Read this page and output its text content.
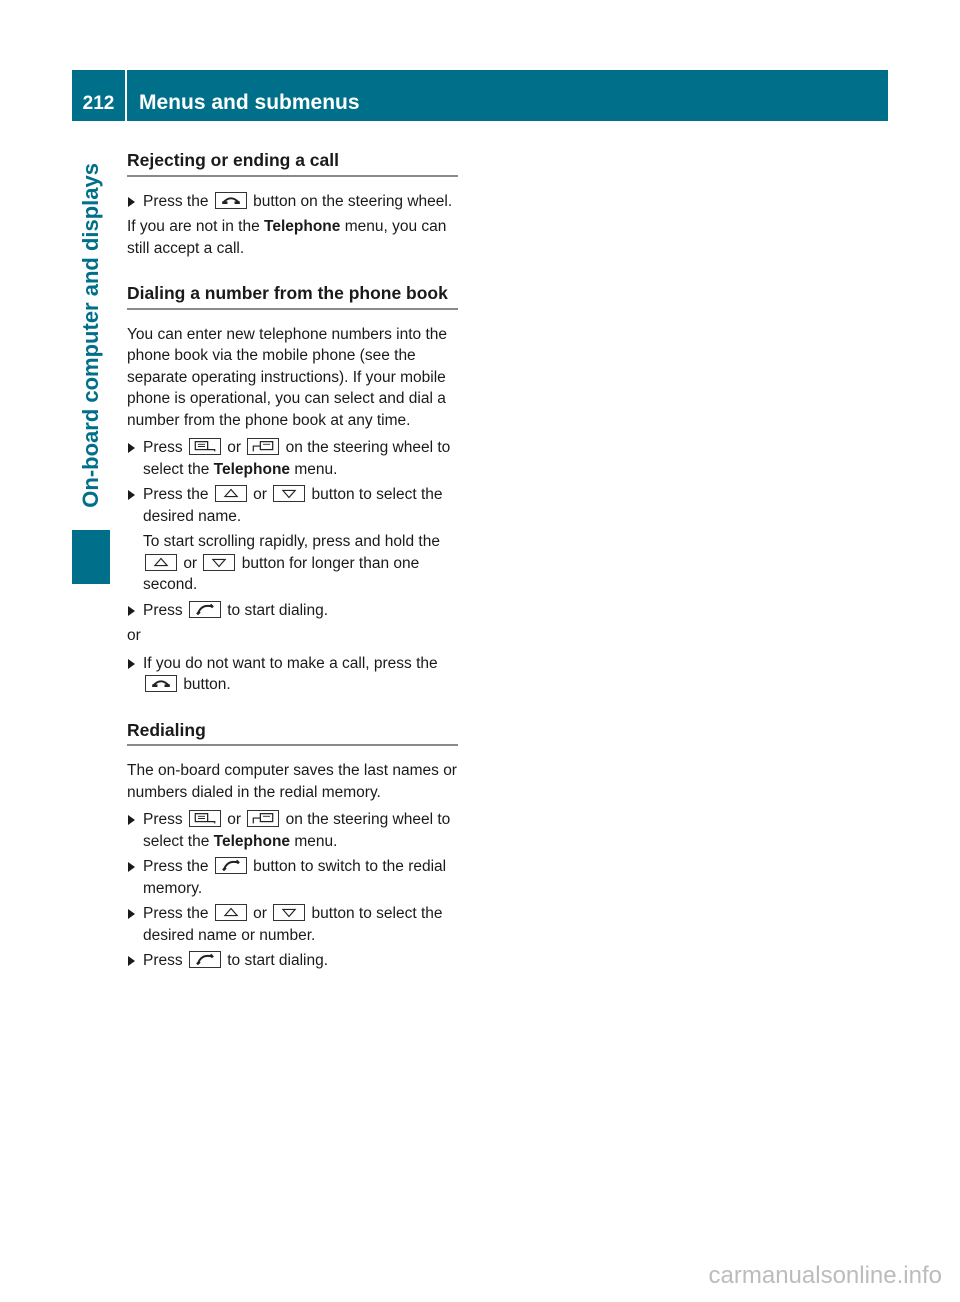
212	Menus and submenus
On-board computer and displays
Rejecting or ending a call
Press the	button on the steering wheel.

If you are not in the Telephone menu, you can still accept a call.

Dialing a number from the phone book

You can enter new telephone numbers into the phone book via the mobile phone (see the separate operating instructions). If your mobile phone is operational, you can select and dial a number from the phone book at any time.

Press	or	on the steering wheel to select the Telephone menu.
Press the	or	button to select the desired name.
To start scrolling rapidly, press and hold the
or	button for longer than one second.
Press	to start dialing.

or

If you do not want to make a call, press the
button.
Redialing

The on-board computer saves the last names or numbers dialed in the redial memory.

Press	or	on the steering wheel to select the Telephone menu.
Press the	button to switch to the redial memory.
Press the	or	button to select the desired name or number.
Press	to start dialing.
carmanualsonline.info
